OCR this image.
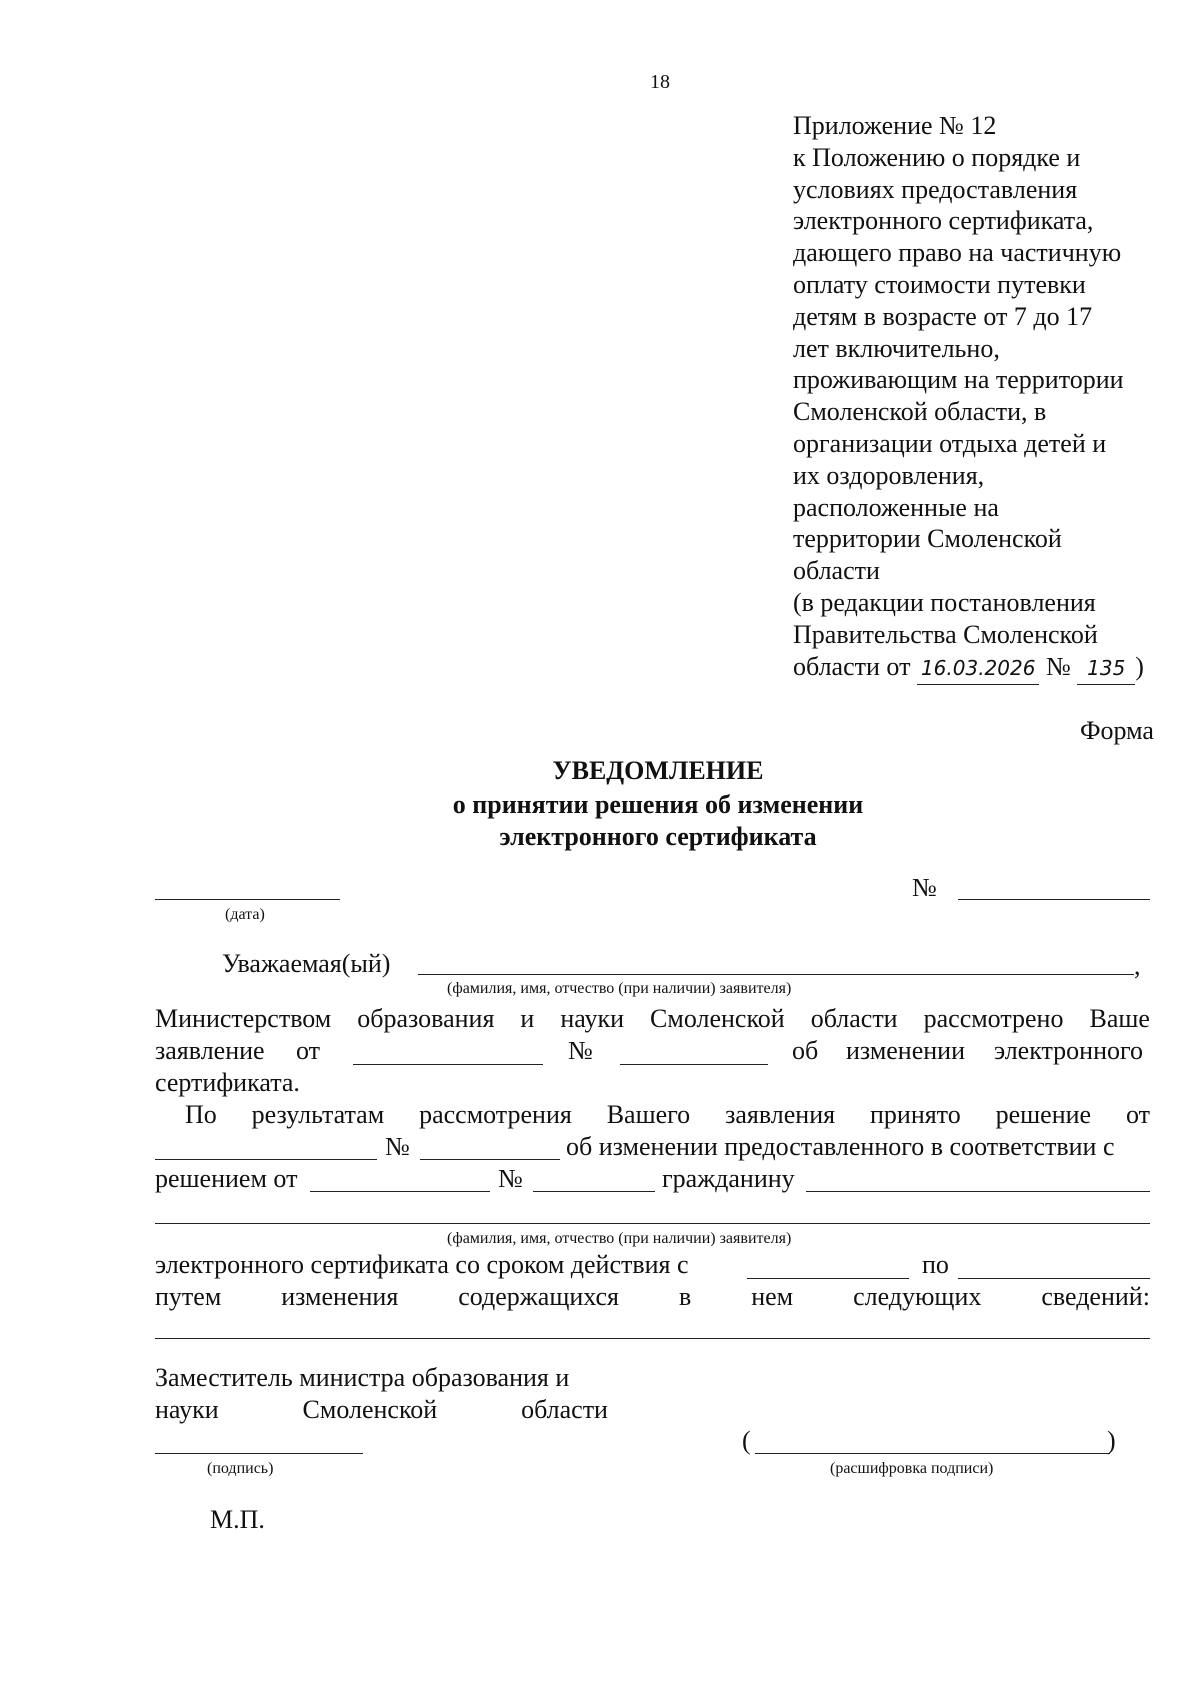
18
Приложение № 12
к Положению о порядке и
условиях предоставления
электронного сертификата,
дающего право на частичную
оплату стоимости путевки
детям в возрасте от 7 до 17
лет включительно,
проживающим на территории
Смоленской области, в
организации отдыха детей и
их оздоровления,
расположенные на
территории Смоленской
области
(в редакции постановления
Правительства Смоленской
области от 16.03.2026 № 135 )
Форма
УВЕДОМЛЕНИЕ
о принятии решения об изменении
электронного сертификата
(дата)
№
Уважаемая(ый)	,
(фамилия, имя, отчество (при наличии) заявителя)
Министерством образования и науки Смоленской области рассмотрено Ваше
заявление от	№	об изменении электронного
сертификата.
По результатам рассмотрения Вашего заявления принято решение от
№	об изменении предоставленного в соответствии с
решением от	№	гражданину
(фамилия, имя, отчество (при наличии) заявителя)
электронного сертификата со сроком действия с	по
путем изменения содержащихся в нем следующих сведений:
Заместитель министра образования и
науки	Смоленской	области
(подпись)
(	)
(расшифровка подписи)
М.П.
